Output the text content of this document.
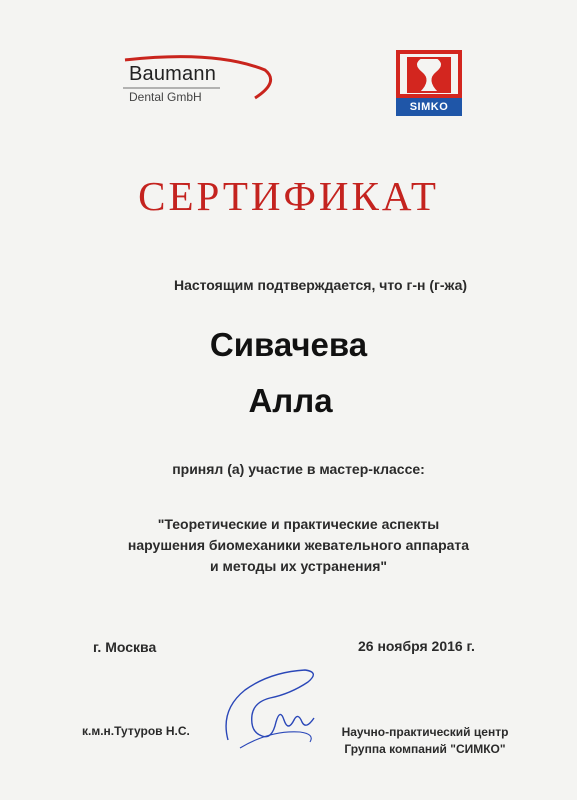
Baumann
Dental GmbH
SIMKO
СЕРТИФИКАТ
Настоящим подтверждается, что г-н (г-жа)
Сивачева
Алла
принял (а) участие в мастер-классе:
"Теоретические и практические аспекты
нарушения биомеханики жевательного аппарата
и методы их устранения"
г. Москва	26 ноября 2016 г.
к.м.н.Тутуров Н.С.	Научно-практический центр
Группа компаний "СИМКО"
